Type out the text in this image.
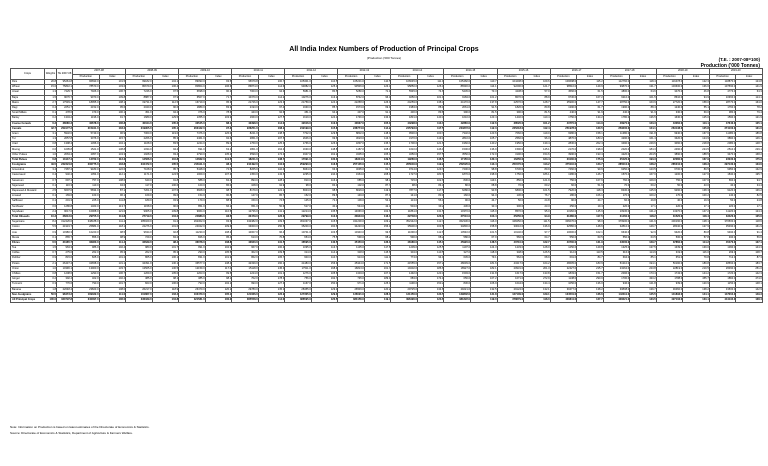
All India Index Numbers of Production of Principal Crops
(Production ('000 Tonnes)	(T.E. : 2007-08=100)
Production ('000 Tonnes)
Crops	Weights	TE 2007-08	2007-08		2008-09		2009-10		2010-11		2011-12		2012-13		2013-14		2014-15		2015-16		2016-17		2017-18		2018-19		2019-20	
			Production	Index	Production	Index	Production	Index	Production	Index	Production	Index	Production	Index	Production	Index	Production	Index	Production	Index	Production	Index	Production	Index	Production	Index	Production	Index
Rice	20.8	95264.8	96693.0	101.5	99182.0	104.1	89093.0	93.5	95979.8	100.7	105301.0	110.5	105231.0	110.5	106645.0	111.9	105482.0	110.7	104408.0	109.6	109698.0	115.2	112760.0	118.4	116478.0	122.3	118870.0	124.8
Wheat	15.6	75832.1	78570.0	103.6	80679.0	106.4	80804.0	106.6	86874.0	114.6	94882.0	125.1	93506.0	123.3	95850.0	126.4	86530.0	114.1	92290.0	121.7	98510.0	129.9	99870.0	131.7	103600.0	136.6	107590.0	141.9
Jowar	1.3	7429.7	7926.0	106.7	7246.0	97.5	6698.0	90.2	7003.0	94.3	5981.0	80.5	5280.0	71.1	5545.0	74.6	5445.0	73.3	4238.0	57.0	4566.0	61.5	4800.0	64.6	3476.0	46.8	4774.0	64.3
Bajra	1.5	9076.7	9970.0	109.8	8887.0	97.9	6507.0	71.7	10370.0	114.2	10276.0	113.2	8742.0	96.3	9250.0	101.9	9184.0	101.2	8070.0	88.9	9730.0	107.2	9210.0	101.5	8610.0	94.9	10360.0	114.1
Maize	2.7	17539.4	18955.0	108.1	19731.0	112.5	16719.0	95.3	21726.0	123.9	21759.0	124.1	22258.0	126.9	24259.0	138.3	24170.0	137.8	22570.0	128.7	25900.0	147.7	28750.0	163.9	27720.0	158.0	28770.0	164.0
Ragi	0.4	2251.7	2152.0	95.6	2040.0	90.6	1889.0	83.9	2193.0	97.4	1930.0	85.7	1574.0	69.9	1983.0	88.1	2061.0	91.5	1820.0	80.8	1390.0	61.7	1990.0	88.4	1240.0	55.1	1760.0	78.2
Small Millets	0.1	478.6	479.0	100.1	451.0	94.2	376.0	78.6	443.0	92.6	451.0	94.2	437.0	91.3	430.0	89.8	390.0	81.5	390.0	81.5	440.0	91.9	440.0	91.9	330.0	69.0	380.0	79.4
Barley	0.2	1304.2	1196.0	91.7	1689.0	129.5	1355.0	103.9	1663.0	127.5	1619.0	124.1	1746.0	133.9	1831.0	140.4	1610.0	123.4	1440.0	110.4	1750.0	134.2	1780.0	136.5	1630.0	125.0	1590.0	121.9
Coarse Cereals	6.3	38080.3	40678.0	106.8	40044.0	105.2	33545.0	88.1	43398.0	114.0	42016.0	110.3	40037.0	105.1	43298.0	113.7	42860.0	112.6	38520.0	101.2	43770.0	114.9	46970.0	123.3	43060.0	113.1	47640.0	125.1
Cereals	42.7	209177.2	215941.0	103.2	219905.0	105.1	203442.0	97.3	226251.0	108.2	242199.0	115.8	238774.0	114.2	245793.0	117.5	234872.0	112.3	235218.0	112.4	251978.0	120.5	259600.0	124.1	263138.0	125.8	274100.0	131.0
Gram	3.1	5932.0	5749.0	96.9	7060.0	119.0	7476.0	126.0	8221.0	138.6	7702.0	129.8	8832.0	148.9	9530.0	160.7	7332.0	123.6	7060.0	119.0	9380.0	158.1	11380.0	191.8	9940.0	167.6	11080.0	186.8
Tur	1.3	2657.8	3076.0	115.7	2266.0	85.3	2461.0	92.6	2861.0	107.6	2646.0	99.6	3023.0	113.7	3170.0	119.3	2810.0	105.7	2560.0	96.3	4870.0	183.2	4290.0	161.4	3320.0	124.9	3890.0	146.4
Urad	0.8	1398.4	1456.0	104.1	1168.0	83.5	1244.0	89.0	1760.0	125.9	1766.0	126.3	1897.0	135.7	1700.0	121.6	1960.0	140.2	1950.0	139.4	2830.0	202.4	3490.0	249.6	3060.0	218.8	2080.0	148.7
Moong	0.6	1095.8	1521.0	138.8	1034.0	94.4	691.0	63.1	1801.0	164.4	1630.0	148.8	1187.0	108.3	1610.0	146.9	1500.0	136.9	1590.0	145.1	2170.0	198.0	2020.0	184.3	2460.0	224.5	2510.0	229.1
Other Pulses	1.0	2063.4	2957.0	143.3	1928.0	93.4	2790.0	135.2	3599.0	174.4	3347.0	162.2	3405.0	165.0	3250.0	157.5	3550.0	172.0	3190.0	154.6	3990.0	193.4	4220.0	204.5	3890.0	188.5	3470.0	168.2
Total Pulses	6.8	13147.4	14762.0	112.3	14566.0	110.8	14662.0	111.5	18241.0	138.7	17091.0	130.0	18344.0	139.5	19260.0	146.5	17150.0	130.4	16350.0	124.4	23130.0	175.9	25420.0	193.3	22080.0	167.9	23030.0	175.2
Foodgrains	49.5	222324.6	230775.0	103.8	234472.0	105.5	218111.0	98.1	244492.0	110.0	259290.0	116.6	257135.0	115.7	265040.0	119.2	252020.0	113.4	251570.0	113.2	275110.0	123.7	285010.0	128.2	285210.0	128.3	297130.0	133.6
Groundnut	3.4	7487.4	9183.0	122.6	7168.0	95.7	5428.0	72.5	8265.0	110.4	6964.0	93.0	4695.0	62.7	9714.0	129.7	7400.0	98.8	6730.0	89.9	7460.0	99.6	9250.0	123.5	6700.0	89.5	9950.0	132.9
Castorseed	0.4	940.4	1054.0	112.1	1171.0	124.5	1009.0	107.3	1350.0	143.6	2295.0	244.0	1964.0	208.9	1727.0	183.6	1870.0	198.9	1750.0	186.1	1380.0	146.7	1570.0	167.0	1200.0	127.6	1840.0	195.7
Sesamum	0.7	697.1	757.0	108.6	640.0	91.8	588.0	84.4	893.0	128.1	810.0	116.2	685.0	98.3	715.0	102.6	830.0	119.1	850.0	121.9	750.0	107.6	760.0	109.0	750.0	107.6	660.0	94.7
Nigerseed	0.1	116.3	110.0	94.6	117.0	100.6	100.0	86.0	108.0	92.9	98.0	84.3	102.0	87.7	98.0	84.3	80.0	68.8	70.0	60.2	60.0	51.6	70.0	60.2	50.0	43.0	40.0	34.4
Rapeseed & Mustard	2.5	6697.0	5834.0	87.1	7201.0	107.5	6608.0	98.7	8179.0	122.1	6604.0	98.6	8029.0	119.9	7877.0	117.6	6280.0	93.8	6800.0	101.5	7920.0	118.3	8430.0	125.9	9260.0	138.3	9120.0	136.2
Linseed	0.1	169.6	163.0	96.1	169.0	99.6	154.0	90.8	147.0	86.7	152.0	89.6	149.0	87.9	141.0	83.1	160.0	94.3	130.0	76.7	180.0	106.1	170.0	100.2	170.0	100.2	140.0	82.5
Safflower	0.1	201.3	225.0	111.8	189.0	93.9	179.0	88.9	150.0	74.5	145.0	72.0	109.0	54.1	113.0	56.1	90.0	44.7	50.0	24.8	90.0	44.7	60.0	29.8	40.0	19.9	50.0	24.8
Sunflower	0.6	1286.8	1463.0	113.7	1158.0	90.0	851.0	66.1	651.0	50.6	517.0	40.2	544.0	42.3	504.0	39.2	430.0	33.4	300.0	23.3	250.0	19.4	220.0	17.1	220.0	17.1	220.0	17.1
Soyabean	2.4	9017.0	10968.0	121.6	9905.0	109.8	9964.0	110.5	12736.0	141.2	12214.0	135.5	14666.0	162.6	11861.0	131.5	10370.0	115.0	8570.0	95.0	13160.0	145.9	10930.0	121.2	13270.0	147.2	11220.0	124.4
Total Oilseeds	10.3	26613.0	29755.0	111.8	27719.0	104.2	24883.0	93.5	32479.0	122.0	29799.0	112.0	30943.0	116.3	32748.0	123.1	27510.0	103.4	25250.0	94.9	31280.0	117.5	31460.0	118.2	31520.0	118.4	33420.0	125.6
Sugarcane	8.2	312426.0	348188.0	111.4	285029.0	91.2	292302.0	93.6	342382.0	109.6	361037.0	115.6	341200.0	109.2	352142.0	112.7	362330.0	116.0	348450.0	111.5	306070.0	98.0	379900.0	121.6	400160.0	128.1	370500.0	118.6
Cotton	5.5	21919.7	25884.0	118.1	22276.0	101.6	24022.0	109.6	33000.0	150.6	35200.0	160.6	34220.0	156.1	35900.0	163.8	34800.0	158.8	30010.0	136.9	32580.0	148.6	32810.0	149.7	28040.0	127.9	35490.0	161.9
Jute	0.9	10380.3	10220.0	98.5	9634.0	92.8	11230.0	108.2	10007.0	96.4	10741.0	103.5	10340.0	99.6	11690.0	112.6	10540.0	101.5	10140.0	97.7	10600.0	102.1	9640.0	92.9	9320.0	89.8	9490.0	91.4
Mesta	0.1	865.7	856.0	98.9	729.0	84.2	826.0	95.4	613.0	70.8	654.0	75.5	590.0	68.2	590.0	68.2	580.0	67.0	560.0	64.7	550.0	63.5	550.0	63.5	500.0	57.8	490.0	56.6
Fibres	6.5	33165.7	36960.0	111.4	32639.0	98.4	36078.0	108.8	43620.0	131.5	46595.0	140.5	45150.0	136.1	48180.0	145.3	45920.0	138.5	40710.0	122.7	43730.0	131.9	43000.0	129.7	37860.0	114.2	45470.0	137.1
Tea	1.5	963.3	986.0	102.4	980.0	101.7	991.0	102.9	967.0	100.4	1095.0	113.7	1135.0	117.8	1209.0	125.5	1197.0	124.3	1233.0	128.0	1250.0	129.8	1325.0	137.5	1339.0	139.0	1390.0	144.3
Coffee	0.7	275.0	262.0	95.3	262.0	95.3	290.0	105.5	302.0	109.8	314.0	114.2	318.0	115.6	304.0	110.5	327.0	118.9	348.0	126.5	312.0	113.5	316.0	114.9	319.0	116.0	299.0	108.7
Rubber	0.9	815.6	825.0	101.2	865.0	106.1	831.0	101.9	862.0	105.7	903.0	110.7	913.0	111.9	774.0	94.9	645.0	79.1	562.0	68.9	691.0	84.7	694.0	85.1	651.0	79.8	712.0	87.3
Potato	2.1	26437.4	34658.0	131.1	34391.0	130.1	36577.0	138.4	42339.0	160.1	41483.0	156.9	45344.0	171.5	41555.0	157.2	48009.0	181.6	43417.0	164.2	48605.0	183.9	51310.0	194.1	50190.0	189.8	48560.0	183.7
Onion	1.0	10396.1	13900.0	133.7	13565.0	130.5	12159.0	117.0	15118.0	145.4	17511.0	168.4	16813.0	161.7	19402.0	186.6	18927.0	182.1	20931.0	201.3	22427.0	215.7	23262.0	223.8	22819.0	219.5	26090.0	251.0
Chillies	0.8	1208.6	1290.0	106.7	1269.0	105.0	1203.0	99.5	1224.0	101.3	1276.0	105.6	1304.0	107.9	1492.0	123.4	1593.0	131.8	1617.0	133.8	1833.0	151.7	2096.0	173.4	1743.0	144.2	1720.0	142.3
Ginger	0.2	392.4	402.0	102.4	385.0	98.1	385.0	98.1	702.0	178.9	756.0	192.7	745.0	189.9	683.0	174.1	656.0	167.2	1071.0	272.9	1138.0	290.0	1700.0	433.2	1788.0	455.7	1860.0	474.0
Turmeric	0.3	776.6	790.0	101.7	823.0	106.0	793.0	102.1	993.0	127.9	1167.0	150.3	971.0	125.0	1190.0	153.2	830.0	106.9	1044.0	134.4	1056.0	136.0	946.0	121.8	939.0	120.9	1150.0	148.1
Banana	1.8	22048.4	23823.0	108.0	26217.0	118.9	26470.0	120.1	29780.0	135.1	28455.0	129.1	26509.0	120.2	29725.0	134.8	29221.0	132.5	29124.0	132.1	30477.0	138.2	30808.0	139.7	30460.0	138.2	31500.0	142.9
Non-foodgrains	50.5	98473.2	109322.0	111.0	101867.0	103.4	103470.0	105.1	121066.0	122.9	127305.0	129.3	126021.0	128.0	131450.0	133.5	129802.0	131.8	127109.0	129.1	134501.0	136.6	143311.0	145.5	141893.0	144.1	147004.0	149.3
All Principal Crops	100.0	320797.8	340097.0	106.0	336339.0	104.8	321581.0	100.2	365558.0	114.0	386595.0	120.5	383156.0	119.4	396490.0	123.6	381822.0	119.0	378679.0	118.0	409611.0	127.7	428321.0	133.5	427103.0	133.1	444134.0	138.4
Note: Information on Production is based on latest estimates of the Directorate of Economics & Statistics.
Source: Directorate of Economics & Statistics, Department of Agriculture & Farmers Welfare.
